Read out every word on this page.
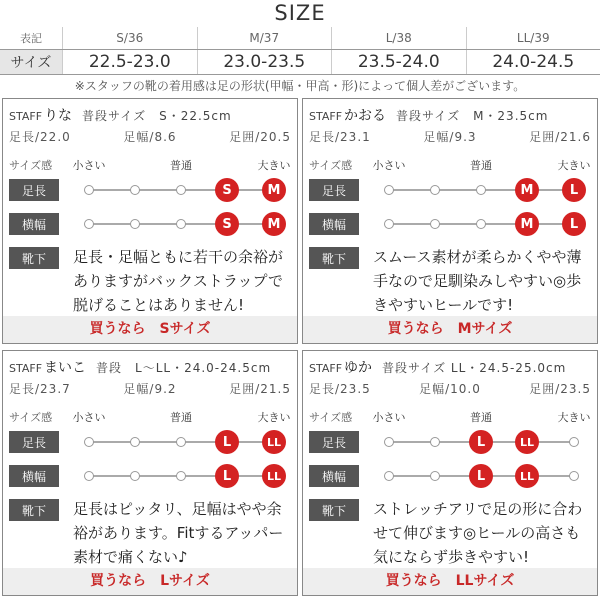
SIZE
表記	S/36	M/37	L/38	LL/39
サイズ	22.5-23.0	23.0-23.5	23.5-24.0	24.0-24.5
※スタッフの靴の着用感は足の形状(甲幅・甲高・形)によって個人差がございます。
STAFF りな 普段サイズ　S・22.5cm
足長/22.0	足幅/8.6	足囲/20.5
サイズ感 小さい	普通	大きい
足長	S	M
横幅	S	M
靴下	足長・足幅ともに若干の余裕がありますがバックストラップで脱げることはありません!
買うなら　Sサイズ
STAFF かおる 普段サイズ　M・23.5cm
足長/23.1	足幅/9.3	足囲/21.6
サイズ感 小さい	普通	大きい
足長	M	L
横幅	M	L
靴下	スムース素材が柔らかくやや薄手なので足馴染みしやすい◎歩きやすいヒールです!
買うなら　Mサイズ
STAFF まいこ 普段　L〜LL・24.0-24.5cm
足長/23.7	足幅/9.2	足囲/21.5
サイズ感 小さい	普通	大きい
足長	L	LL
横幅	L	LL
靴下	足長はピッタリ、足幅はやや余裕があります。Fitするアッパー素材で痛くない♪
買うなら　Lサイズ
STAFF ゆか 普段サイズ LL・24.5-25.0cm
足長/23.5	足幅/10.0	足囲/23.5
サイズ感 小さい	普通	大きい
足長	L	LL
横幅	L	LL
靴下	ストレッチアリで足の形に合わせて伸びます◎ヒールの高さも気にならず歩きやすい!
買うなら　LLサイズ
